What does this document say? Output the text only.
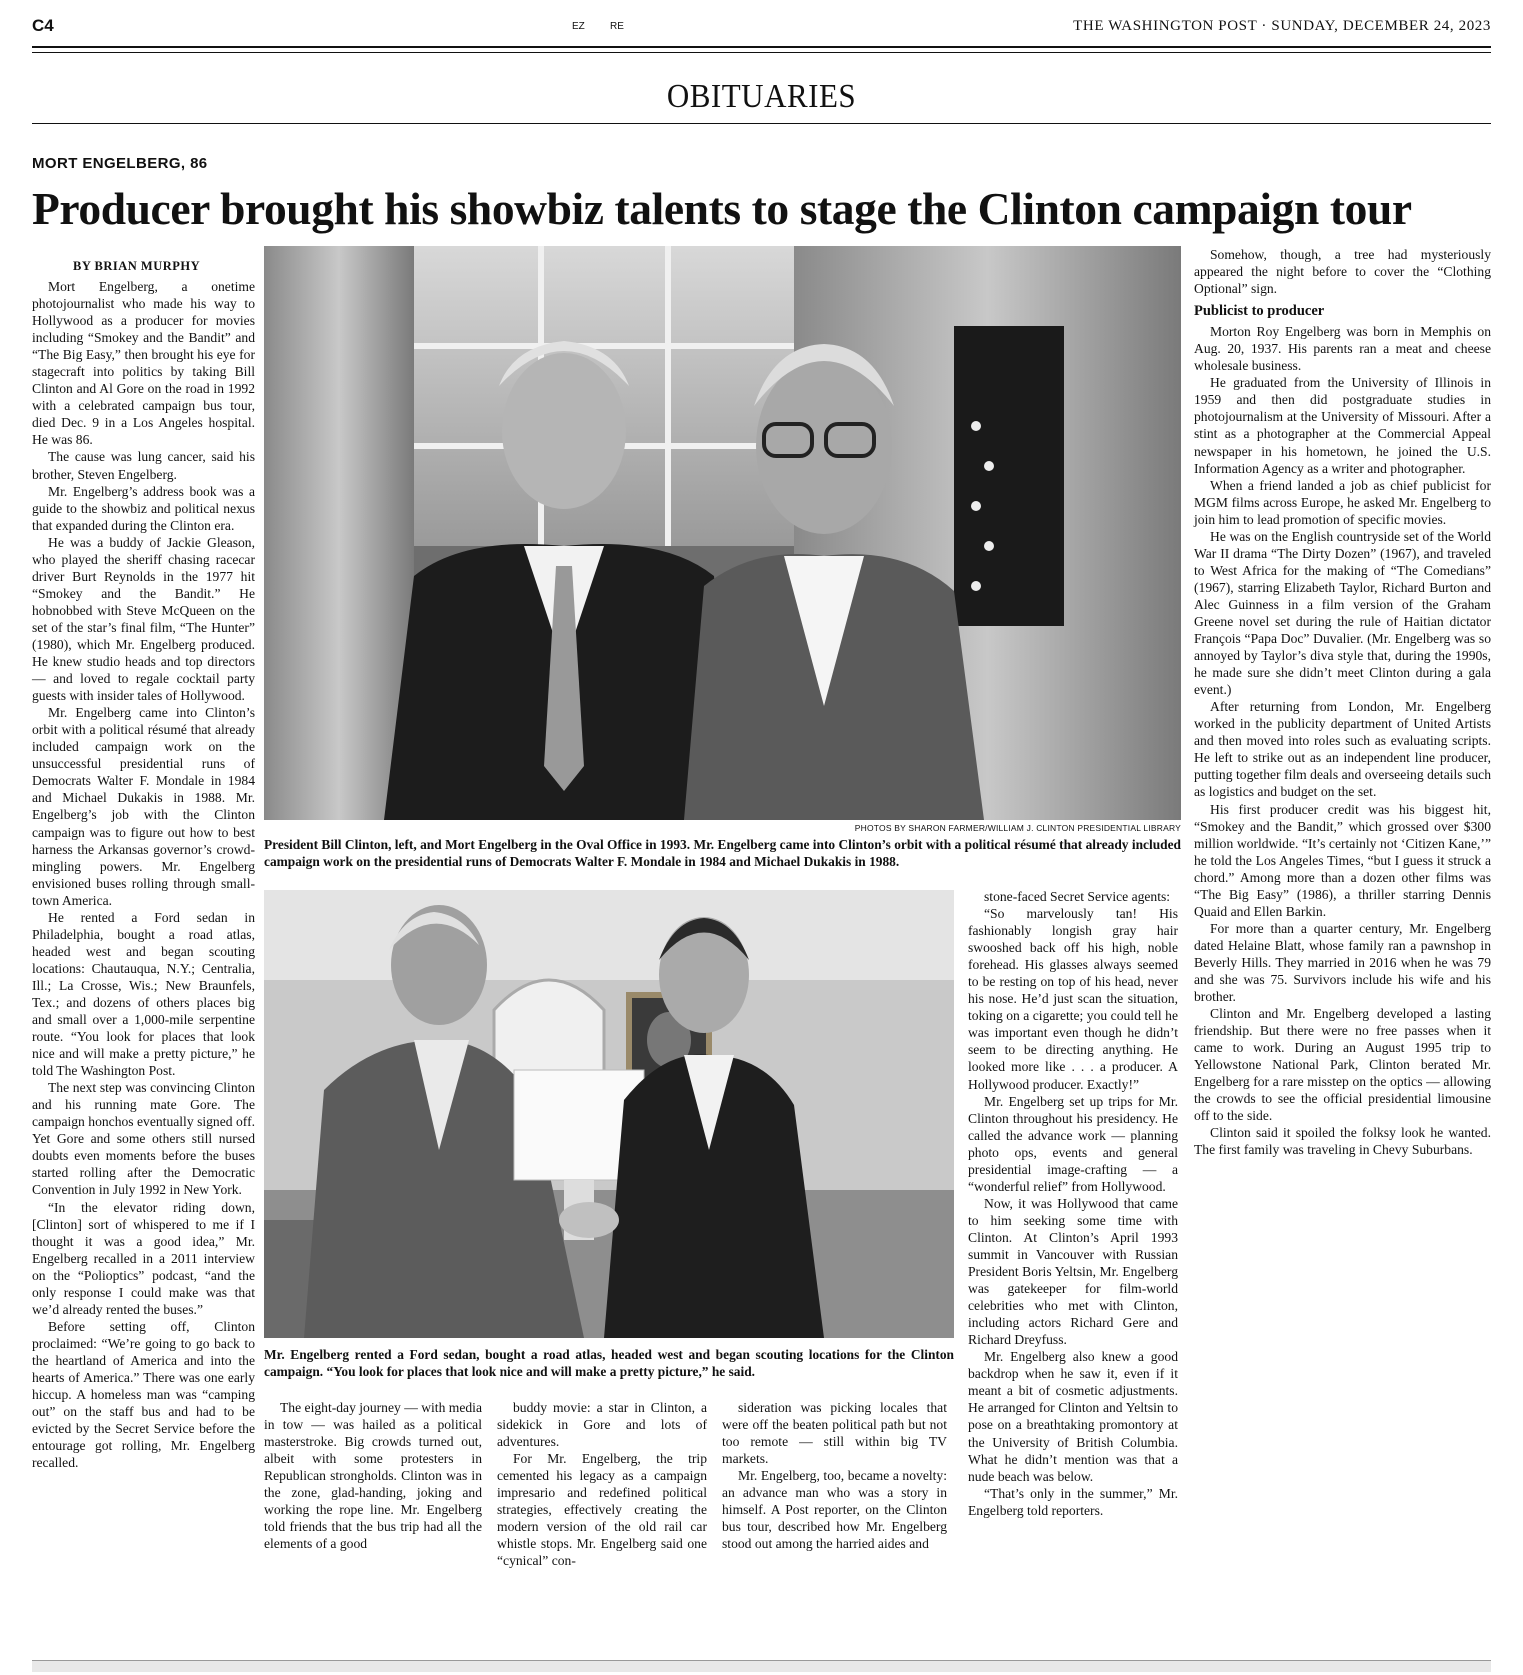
C4	EZ	RE	THE WASHINGTON POST · SUNDAY, DECEMBER 24, 2023
OBITUARIES
MORT ENGELBERG, 86
Producer brought his showbiz talents to stage the Clinton campaign tour
BY BRIAN MURPHY

Mort Engelberg, a onetime photojournalist who made his way to Hollywood as a producer for movies including “Smokey and the Bandit” and “The Big Easy,” then brought his eye for stagecraft into politics by taking Bill Clinton and Al Gore on the road in 1992 with a celebrated campaign bus tour, died Dec. 9 in a Los Angeles hospital. He was 86.

The cause was lung cancer, said his brother, Steven Engelberg.

Mr. Engelberg’s address book was a guide to the showbiz and political nexus that expanded during the Clinton era.

He was a buddy of Jackie Gleason, who played the sheriff chasing racecar driver Burt Reynolds in the 1977 hit “Smokey and the Bandit.” He hobnobbed with Steve McQueen on the set of the star’s final film, “The Hunter” (1980), which Mr. Engelberg produced. He knew studio heads and top directors — and loved to regale cocktail party guests with insider tales of Hollywood.

Mr. Engelberg came into Clinton’s orbit with a political résumé that already included campaign work on the unsuccessful presidential runs of Democrats Walter F. Mondale in 1984 and Michael Dukakis in 1988. Mr. Engelberg’s job with the Clinton campaign was to figure out how to best harness the Arkansas governor’s crowd-mingling powers. Mr. Engelberg envisioned buses rolling through small-town America.

He rented a Ford sedan in Philadelphia, bought a road atlas, headed west and began scouting locations: Chautauqua, N.Y.; Centralia, Ill.; La Crosse, Wis.; New Braunfels, Tex.; and dozens of others places big and small over a 1,000-mile serpentine route. “You look for places that look nice and will make a pretty picture,” he told The Washington Post.

The next step was convincing Clinton and his running mate Gore. The campaign honchos eventually signed off. Yet Gore and some others still nursed doubts even moments before the buses started rolling after the Democratic Convention in July 1992 in New York.

“In the elevator riding down, [Clinton] sort of whispered to me if I thought it was a good idea,” Mr. Engelberg recalled in a 2011 interview on the “Polioptics” podcast, “and the only response I could make was that we’d already rented the buses.”

Before setting off, Clinton proclaimed: “We’re going to go back to the heartland of America and into the hearts of America.” There was one early hiccup. A homeless man was “camping out” on the staff bus and had to be evicted by the Secret Service before the entourage got rolling, Mr. Engelberg recalled.

PHOTOS BY SHARON FARMER/WILLIAM J. CLINTON PRESIDENTIAL LIBRARY
President Bill Clinton, left, and Mort Engelberg in the Oval Office in 1993. Mr. Engelberg came into Clinton’s orbit with a political résumé that already included campaign work on the presidential runs of Democrats Walter F. Mondale in 1984 and Michael Dukakis in 1988.
Mr. Engelberg rented a Ford sedan, bought a road atlas, headed west and began scouting locations for the Clinton campaign. “You look for places that look nice and will make a pretty picture,” he said.

The eight-day journey — with media in tow — was hailed as a political masterstroke. Big crowds turned out, albeit with some protesters in Republican strongholds. Clinton was in the zone, glad-handing, joking and working the rope line. Mr. Engelberg told friends that the bus trip had all the elements of a good

buddy movie: a star in Clinton, a sidekick in Gore and lots of adventures.

For Mr. Engelberg, the trip cemented his legacy as a campaign impresario and redefined political strategies, effectively creating the modern version of the old rail car whistle stops. Mr. Engelberg said one “cynical” con-

sideration was picking locales that were off the beaten political path but not too remote — still within big TV markets.

Mr. Engelberg, too, became a novelty: an advance man who was a story in himself. A Post reporter, on the Clinton bus tour, described how Mr. Engelberg stood out among the harried aides and

stone-faced Secret Service agents:

“So marvelously tan! His fashionably longish gray hair swooshed back off his high, noble forehead. His glasses always seemed to be resting on top of his head, never his nose. He’d just scan the situation, toking on a cigarette; you could tell he was important even though he didn’t seem to be directing anything. He looked more like . . . a producer. A Hollywood producer. Exactly!”

Mr. Engelberg set up trips for Mr. Clinton throughout his presidency. He called the advance work — planning photo ops, events and general presidential image-crafting — a “wonderful relief” from Hollywood.

Now, it was Hollywood that came to him seeking some time with Clinton. At Clinton’s April 1993 summit in Vancouver with Russian President Boris Yeltsin, Mr. Engelberg was gatekeeper for film-world celebrities who met with Clinton, including actors Richard Gere and Richard Dreyfuss.

Mr. Engelberg also knew a good backdrop when he saw it, even if it meant a bit of cosmetic adjustments. He arranged for Clinton and Yeltsin to pose on a breathtaking promontory at the University of British Columbia. What he didn’t mention was that a nude beach was below.

“That’s only in the summer,” Mr. Engelberg told reporters.

Somehow, though, a tree had mysteriously appeared the night before to cover the “Clothing Optional” sign.

Publicist to producer

Morton Roy Engelberg was born in Memphis on Aug. 20, 1937. His parents ran a meat and cheese wholesale business.

He graduated from the University of Illinois in 1959 and then did postgraduate studies in photojournalism at the University of Missouri. After a stint as a photographer at the Commercial Appeal newspaper in his hometown, he joined the U.S. Information Agency as a writer and photographer.

When a friend landed a job as chief publicist for MGM films across Europe, he asked Mr. Engelberg to join him to lead promotion of specific movies.

He was on the English countryside set of the World War II drama “The Dirty Dozen” (1967), and traveled to West Africa for the making of “The Comedians” (1967), starring Elizabeth Taylor, Richard Burton and Alec Guinness in a film version of the Graham Greene novel set during the rule of Haitian dictator François “Papa Doc” Duvalier. (Mr. Engelberg was so annoyed by Taylor’s diva style that, during the 1990s, he made sure she didn’t meet Clinton during a gala event.)

After returning from London, Mr. Engelberg worked in the publicity department of United Artists and then moved into roles such as evaluating scripts. He left to strike out as an independent line producer, putting together film deals and overseeing details such as logistics and budget on the set.

His first producer credit was his biggest hit, “Smokey and the Bandit,” which grossed over $300 million worldwide. “It’s certainly not ‘Citizen Kane,’” he told the Los Angeles Times, “but I guess it struck a chord.” Among more than a dozen other films was “The Big Easy” (1986), a thriller starring Dennis Quaid and Ellen Barkin.

For more than a quarter century, Mr. Engelberg dated Helaine Blatt, whose family ran a pawnshop in Beverly Hills. They married in 2016 when he was 79 and she was 75. Survivors include his wife and his brother.

Clinton and Mr. Engelberg developed a lasting friendship. But there were no free passes when it came to work. During an August 1995 trip to Yellowstone National Park, Clinton berated Mr. Engelberg for a rare misstep on the optics — allowing the crowds to see the official presidential limousine off to the side.

Clinton said it spoiled the folksy look he wanted. The first family was traveling in Chevy Suburbans.
